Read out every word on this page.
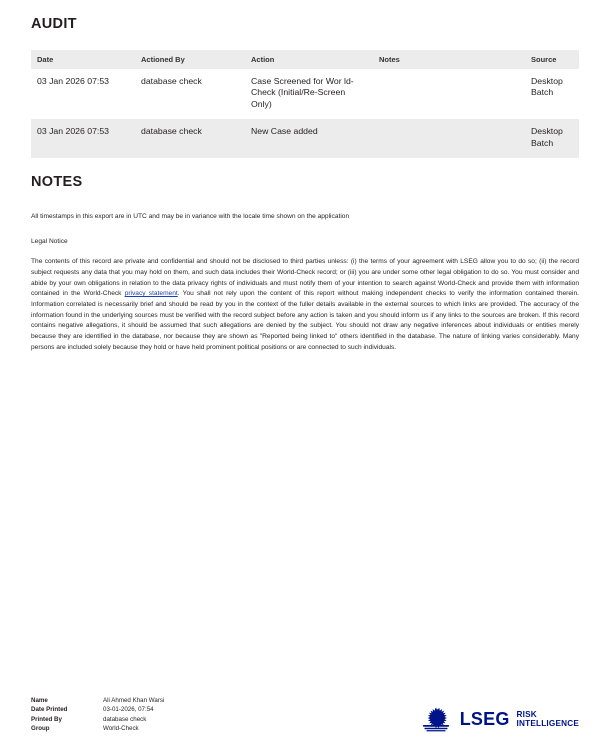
AUDIT
Date	Actioned By	Action	Notes	Source
03 Jan 2026 07:53	database check	Case Screened for Wor ld-Check (Initial/Re-Screen Only)		Desktop Batch
03 Jan 2026 07:53	database check	New Case added		Desktop Batch
NOTES

All timestamps in this export are in UTC and may be in variance with the locale time shown on the application

Legal Notice

The contents of this record are private and confidential and should not be disclosed to third parties unless: (i) the terms of your agreement with LSEG allow you to do so; (ii) the record subject requests any data that you may hold on them, and such data includes their World-Check record; or (iii) you are under some other legal obligation to do so. You must consider and abide by your own obligations in relation to the data privacy rights of individuals and must notify them of your intention to search against World-Check and provide them with information contained in the World-Check privacy statement. You shall not rely upon the content of this report without making independent checks to verify the information contained therein. Information correlated is necessarily brief and should be read by you in the context of the fuller details available in the external sources to which links are provided. The accuracy of the information found in the underlying sources must be verified with the record subject before any action is taken and you should inform us if any links to the sources are broken. If this record contains negative allegations, it should be assumed that such allegations are denied by the subject. You should not draw any negative inferences about individuals or entities merely because they are identified in the database, nor because they are shown as "Reported being linked to" others identified in the database. The nature of linking varies considerably. Many persons are included solely because they hold or have held prominent political positions or are connected to such individuals.

Name	Ali Ahmed Khan Warsi
Date Printed	03-01-2026, 07:54
Printed By	database check
Group	World-Check	LSEG RISK
INTELLIGENCE
